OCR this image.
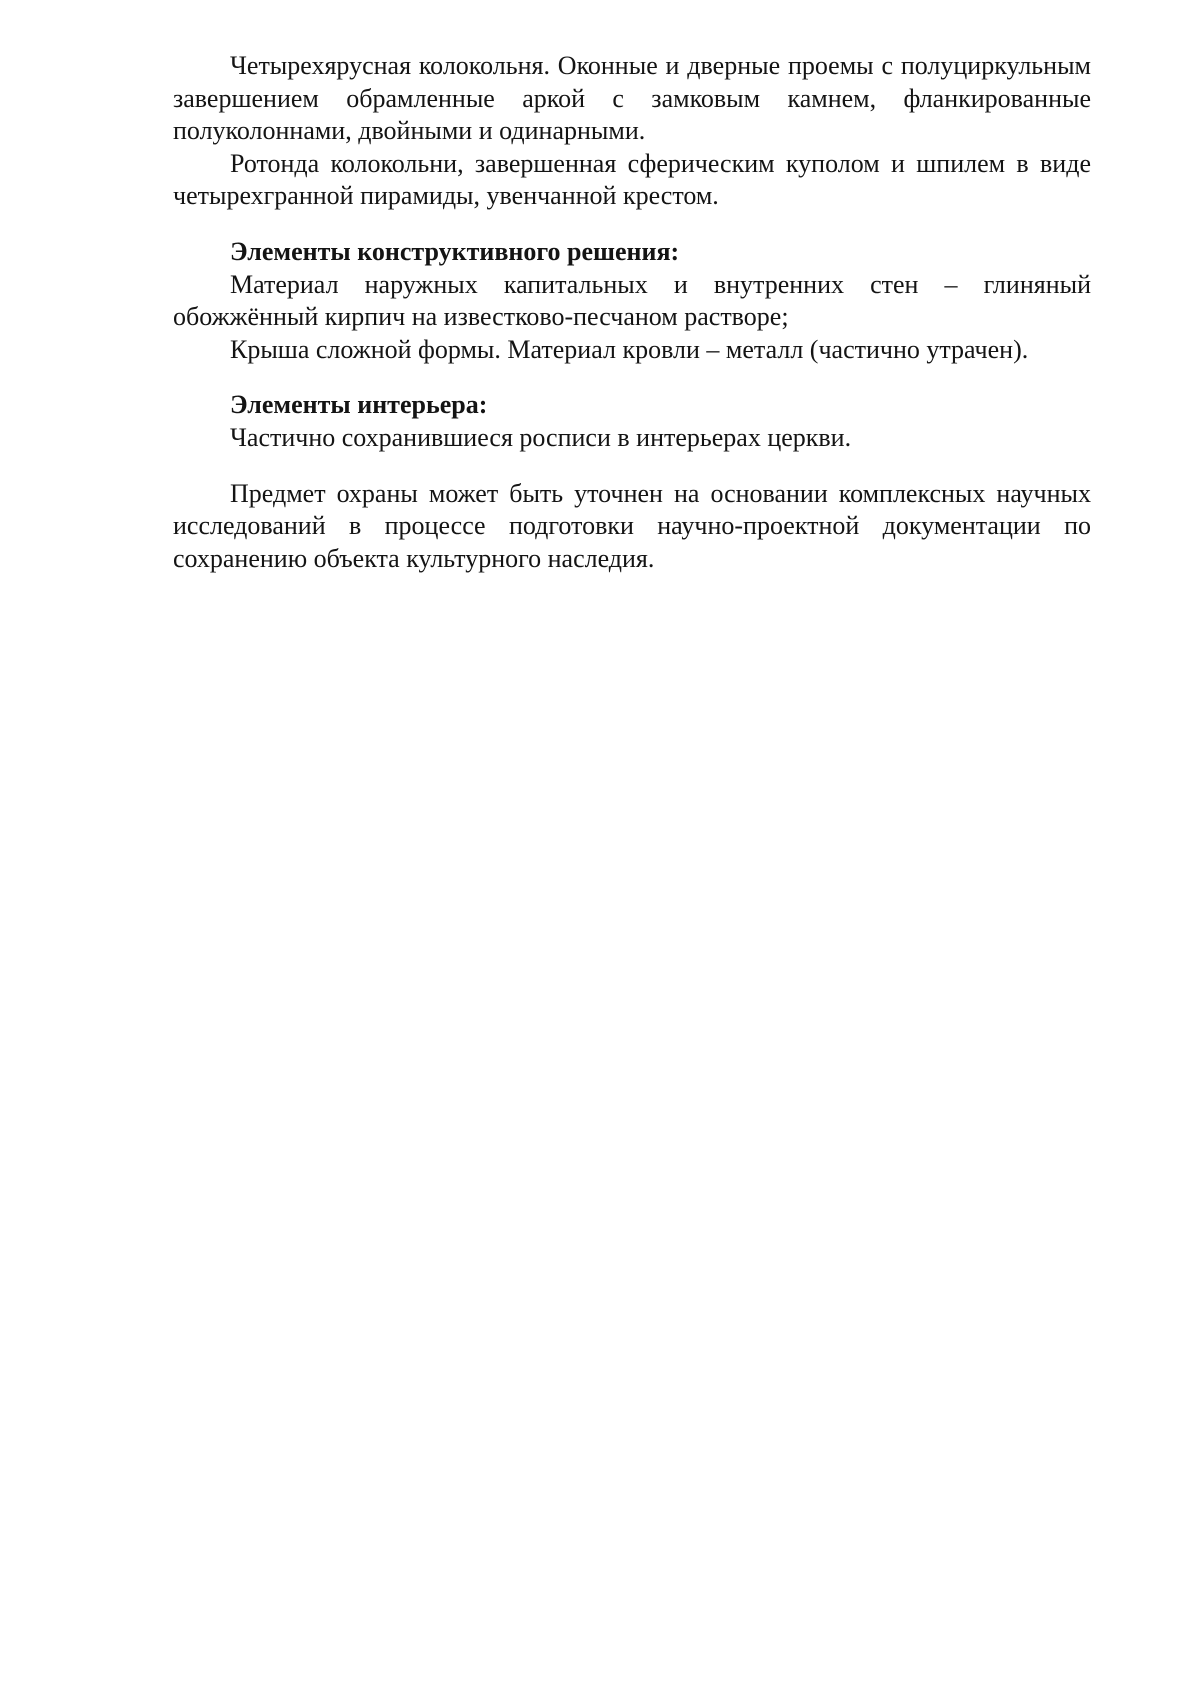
Четырехярусная колокольня. Оконные и дверные проемы с полуциркульным завершением обрамленные аркой с замковым камнем, фланкированные полуколоннами, двойными и одинарными.

Ротонда колокольни, завершенная сферическим куполом и шпилем в виде четырехгранной пирамиды, увенчанной крестом.

Элементы конструктивного решения:

Материал наружных капитальных и внутренних стен – глиняный обожжённый кирпич на известково-песчаном растворе;

Крыша сложной формы. Материал кровли – металл (частично утрачен).

Элементы интерьера:

Частично сохранившиеся росписи в интерьерах церкви.

Предмет охраны может быть уточнен на основании комплексных научных исследований в процессе подготовки научно-проектной документации по сохранению объекта культурного наследия.
